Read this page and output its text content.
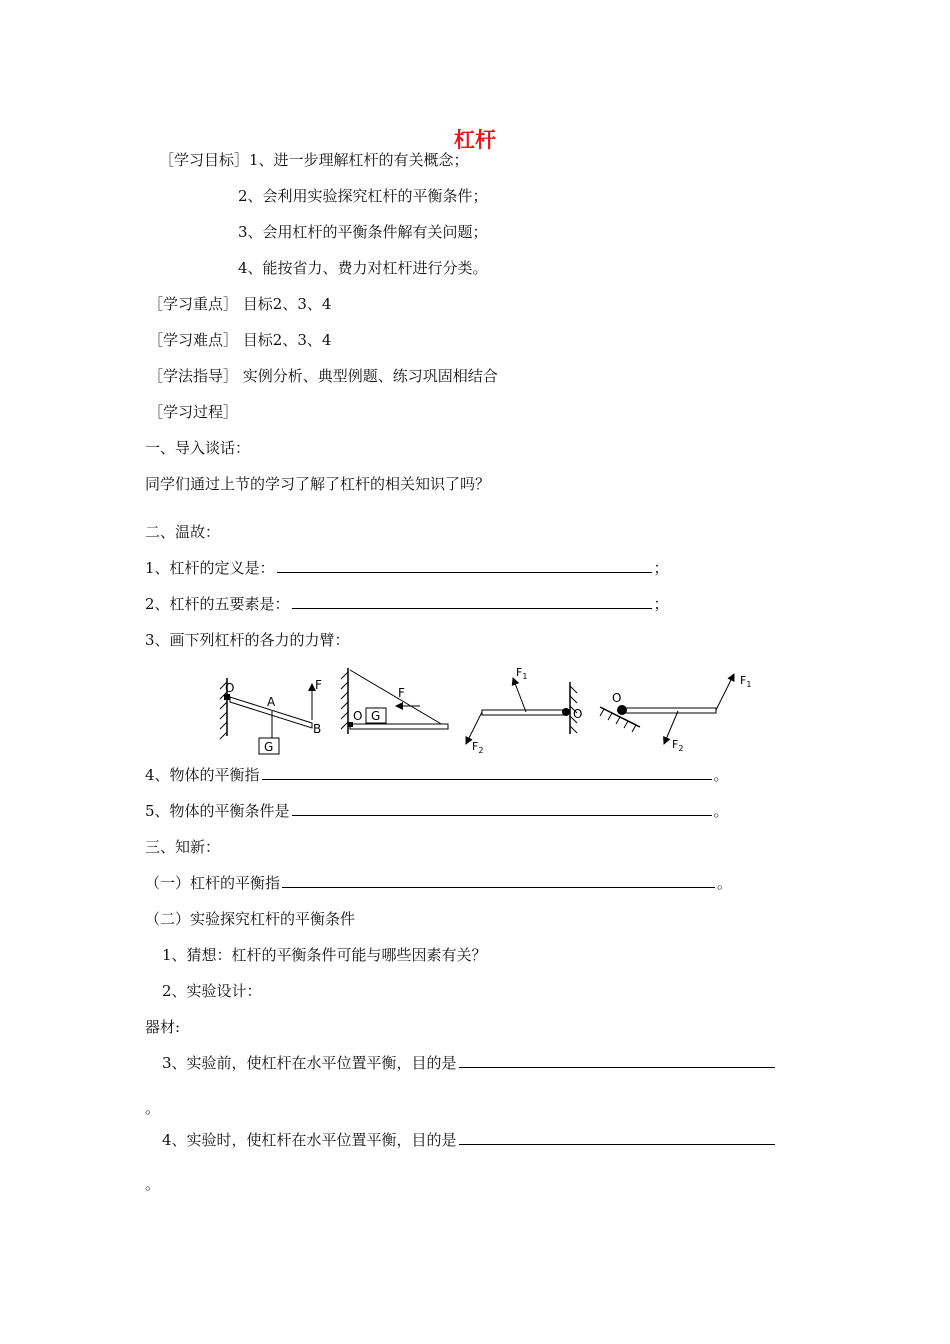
杠杆
［学习目标］1、进一步理解杠杆的有关概念；
2、会利用实验探究杠杆的平衡条件；
3、会用杠杆的平衡条件解有关问题；
4、能按省力、费力对杠杆进行分类。
［学习重点］ 目标2、3、4
［学习难点］ 目标2、3、4
［学法指导］ 实例分析、典型例题、练习巩固相结合
［学习过程］
一、导入谈话：
同学们通过上节的学习了解了杠杆的相关知识了吗？
二、温故：
1、杠杆的定义是：	；
2、杠杆的五要素是：	；
3、画下列杠杆的各力的力臂：
G
O
A
B
F
G
O
F
O
$F_1$
$F_2$
O
$F_1$
$F_2$
4、物体的平衡指	。
5、物体的平衡条件是	。
三、知新：
（一）杠杆的平衡指	。
（二）实验探究杠杆的平衡条件
1、猜想：杠杆的平衡条件可能与哪些因素有关？
2、实验设计：
器材:
3、实验前，使杠杆在水平位置平衡，目的是
。
4、实验时，使杠杆在水平位置平衡，目的是
。
